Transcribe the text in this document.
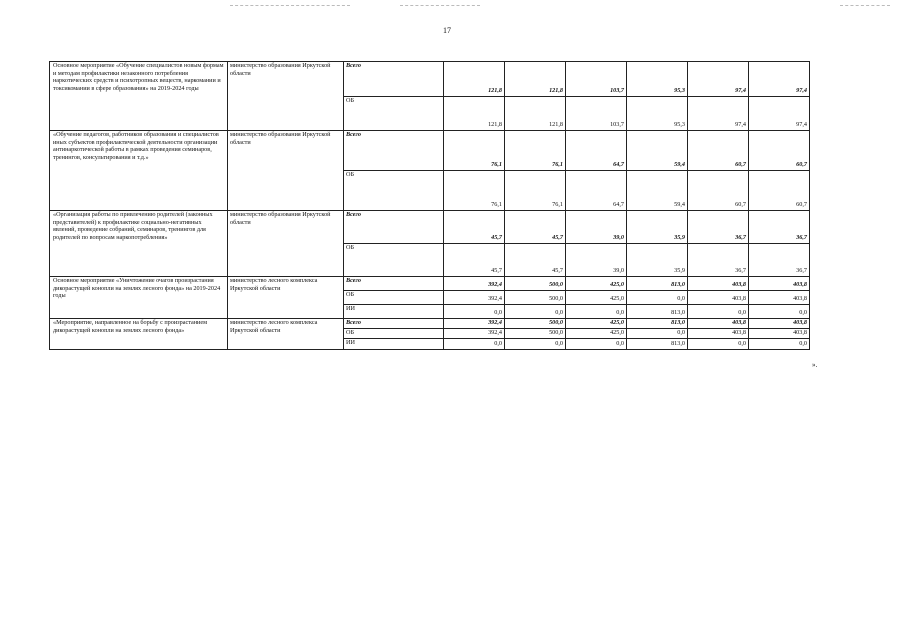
17
Основное мероприятие «Обучение специалистов новым формам и методам профилактики незаконного потребления наркотических средств и психотропных веществ, наркомании и токсикомании в сфере образования» на 2019-2024 годы	министерство образования Иркутской области	Всего	121,8	121,8	103,7	95,3	97,4	97,4
		ОБ	121,8	121,8	103,7	95,3	97,4	97,4
«Обучение педагогов, работников образования и специалистов иных субъектов профилактической деятельности организации антинаркотической работы в рамках проведения семинаров, тренингов, консультирования и т.д.»	министерство образования Иркутской области	Всего	76,1	76,1	64,7	59,4	60,7	60,7
		ОБ	76,1	76,1	64,7	59,4	60,7	60,7
«Организация работы по привлечению родителей (законных представителей) к профилактике социально-негативных явлений, проведение собраний, семинаров, тренингов для родителей по вопросам наркопотребления»	министерство образования Иркутской области	Всего	45,7	45,7	39,0	35,9	36,7	36,7
		ОБ	45,7	45,7	39,0	35,9	36,7	36,7
Основное мероприятие «Уничтожение очагов произрастания дикорастущей конопли на землях лесного фонда» на 2019-2024 годы	министерство лесного комплекса Иркутской области	Всего	392,4	500,0	425,0	813,0	403,8	403,8
		ОБ	392,4	500,0	425,0	0,0	403,8	403,8
		ИИ	0,0	0,0	0,0	813,0	0,0	0,0
«Мероприятие, направленное на борьбу с произрастанием дикорастущей конопли на землях лесного фонда»	министерство лесного комплекса Иркутской области	Всего	392,4	500,0	425,0	813,0	403,8	403,8
		ОБ	392,4	500,0	425,0	0,0	403,8	403,8
		ИИ	0,0	0,0	0,0	813,0	0,0	0,0
».
